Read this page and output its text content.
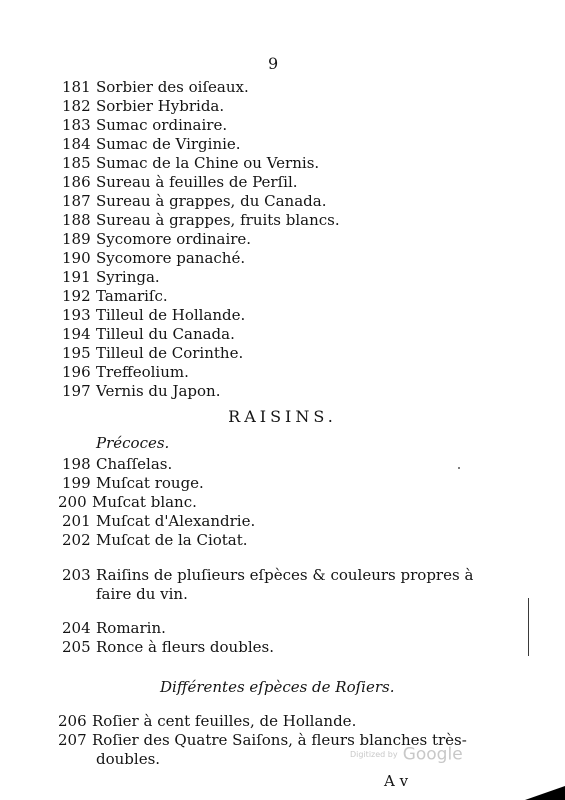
9
181 Sorbier des oiſeaux.
182 Sorbier Hybrida.
183 Sumac ordinaire.
184 Sumac de Virginie.
185 Sumac de la Chine ou Vernis.
186 Sureau à feuilles de Perſil.
187 Sureau à grappes, du Canada.
188 Sureau à grappes, fruits blancs.
189 Sycomore ordinaire.
190 Sycomore panaché.
191 Syringa.
192 Tamariſc.
193 Tilleul de Hollande.
194 Tilleul du Canada.
195 Tilleul de Corinthe.
196 Treffeolium.
197 Vernis du Japon.
RAISINS.
Précoces.
198 Chaſſelas.
199 Muſcat rouge.
200 Muſcat blanc.
201 Muſcat d'Alexandrie.
202 Muſcat de la Ciotat.
203 Raiſins de pluſieurs eſpèces & couleurs propres à
faire du vin.
204 Romarin.
205 Ronce à fleurs doubles.
Différentes eſpèces de Roſiers.
206 Roſier à cent feuilles, de Hollande.
207 Roſier des Quatre Saiſons, à fleurs blanches très-
doubles.	Digitized by Google
A v
